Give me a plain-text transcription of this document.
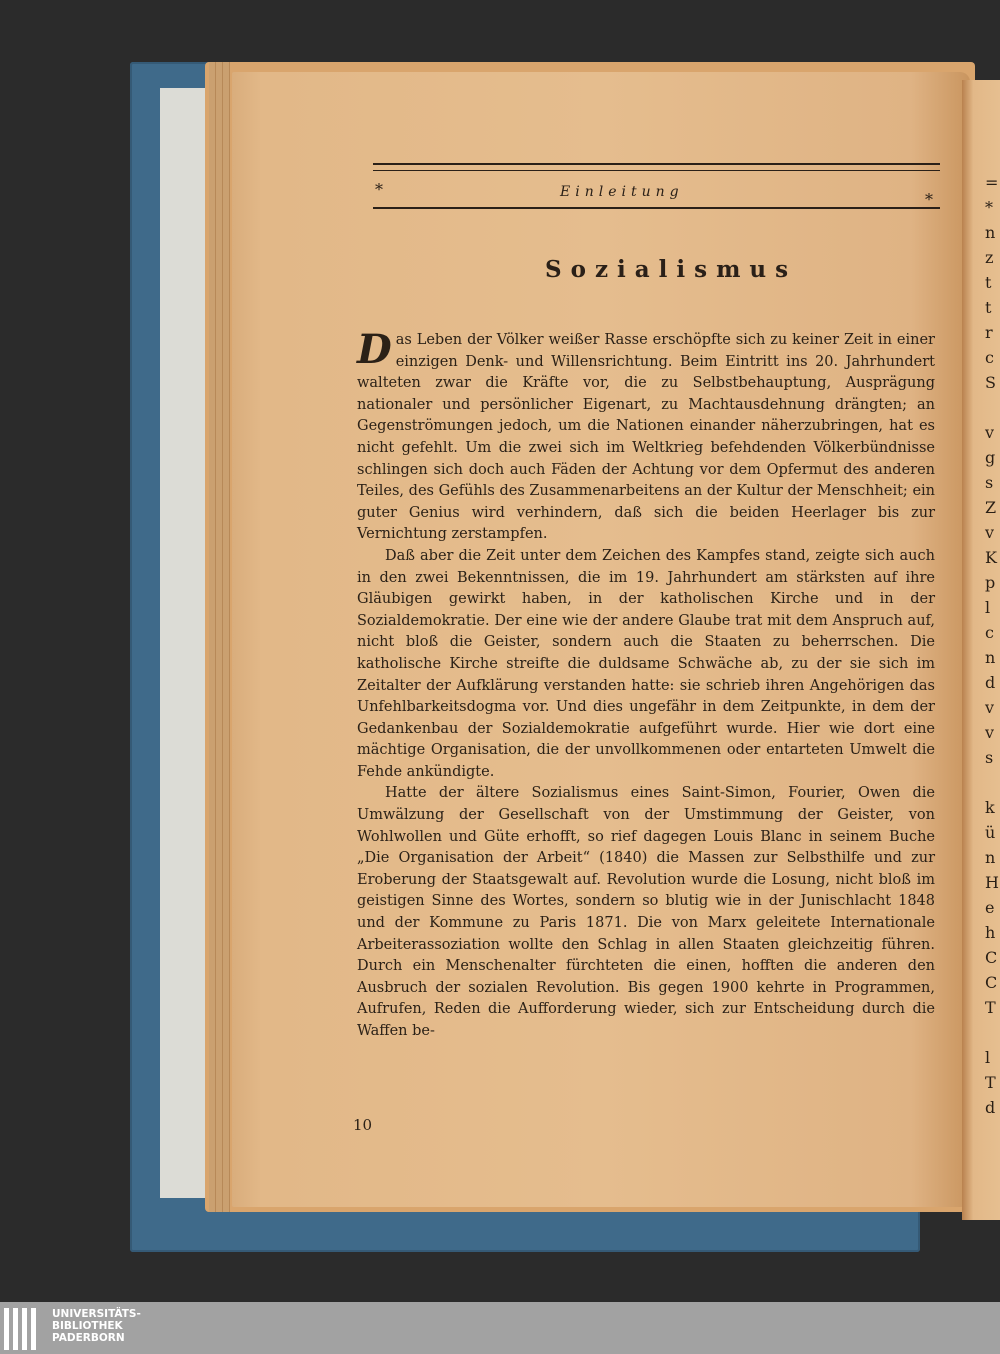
=
*
n
z
t
t
r
c
S
v
g
s
Z
v
K
p
l
c
n
d
v
v
s
k
ü
n
H
e
h
C
C
T
l
T
d
*
*
Einleitung
Sozialismus

Das Leben der Völker weißer Rasse erschöpfte sich zu keiner Zeit in einer einzigen Denk- und Willensrichtung. Beim Eintritt ins 20. Jahrhundert walteten zwar die Kräfte vor, die zu Selbstbehauptung, Ausprägung nationaler und persönlicher Eigenart, zu Machtausdehnung drängten; an Gegenströmungen jedoch, um die Nationen einander näherzubringen, hat es nicht gefehlt. Um die zwei sich im Weltkrieg befehdenden Völkerbündnisse schlingen sich doch auch Fäden der Achtung vor dem Opfermut des anderen Teiles, des Gefühls des Zusammenarbeitens an der Kultur der Menschheit; ein guter Genius wird verhindern, daß sich die beiden Heerlager bis zur Vernichtung zerstampfen.

Daß aber die Zeit unter dem Zeichen des Kampfes stand, zeigte sich auch in den zwei Bekenntnissen, die im 19. Jahrhundert am stärksten auf ihre Gläubigen gewirkt haben, in der katholischen Kirche und in der Sozialdemokratie. Der eine wie der andere Glaube trat mit dem Anspruch auf, nicht bloß die Geister, sondern auch die Staaten zu beherrschen. Die katholische Kirche streifte die duldsame Schwäche ab, zu der sie sich im Zeitalter der Aufklärung verstanden hatte: sie schrieb ihren Angehörigen das Unfehlbarkeitsdogma vor. Und dies ungefähr in dem Zeitpunkte, in dem der Gedankenbau der Sozialdemokratie aufgeführt wurde. Hier wie dort eine mächtige Organisation, die der unvollkommenen oder entarteten Umwelt die Fehde ankündigte.

Hatte der ältere Sozialismus eines Saint-Simon, Fourier, Owen die Umwälzung der Gesellschaft von der Umstimmung der Geister, von Wohlwollen und Güte erhofft, so rief dagegen Louis Blanc in seinem Buche „Die Organisation der Arbeit“ (1840) die Massen zur Selbsthilfe und zur Eroberung der Staatsgewalt auf. Revolution wurde die Losung, nicht bloß im geistigen Sinne des Wortes, sondern so blutig wie in der Junischlacht 1848 und der Kommune zu Paris 1871. Die von Marx geleitete Internationale Arbeiterassoziation wollte den Schlag in allen Staaten gleichzeitig führen. Durch ein Menschenalter fürchteten die einen, hofften die anderen den Ausbruch der sozialen Revolution. Bis gegen 1900 kehrte in Programmen, Aufrufen, Reden die Aufforderung wieder, sich zur Entscheidung durch die Waffen be-

10
UNIVERSITÄTS-
BIBLIOTHEK
PADERBORN
